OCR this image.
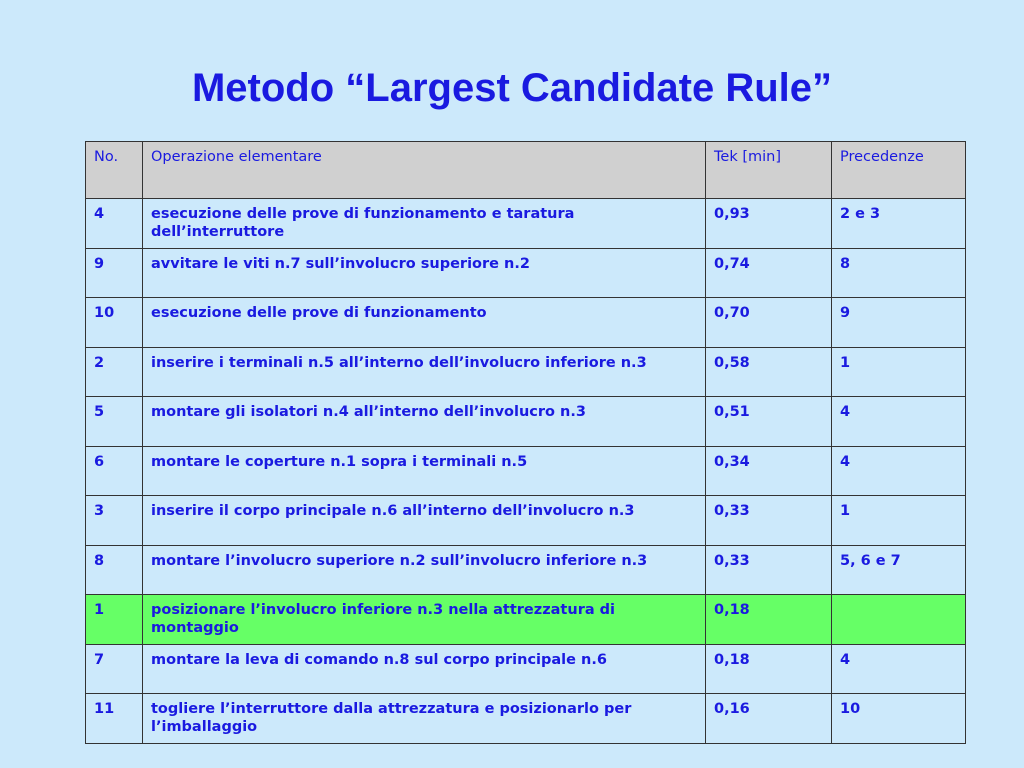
Metodo “Largest Candidate Rule”
No.	Operazione elementare	Tek [min]	Precedenze
4	esecuzione delle prove di funzionamento e taratura dell’interruttore	0,93	2 e 3
9	avvitare le viti n.7 sull’involucro superiore n.2	0,74	8
10	esecuzione delle prove di funzionamento	0,70	9
2	inserire i terminali n.5 all’interno dell’involucro inferiore n.3	0,58	1
5	montare gli isolatori n.4 all’interno dell’involucro n.3	0,51	4
6	montare le coperture n.1 sopra i terminali n.5	0,34	4
3	inserire il corpo principale n.6 all’interno dell’involucro n.3	0,33	1
8	montare l’involucro superiore n.2 sull’involucro inferiore n.3	0,33	5, 6 e 7
1	posizionare l’involucro inferiore n.3 nella attrezzatura di montaggio	0,18	
7	montare la leva di comando n.8 sul corpo principale n.6	0,18	4
11	togliere l’interruttore dalla attrezzatura e posizionarlo per l’imballaggio	0,16	10
